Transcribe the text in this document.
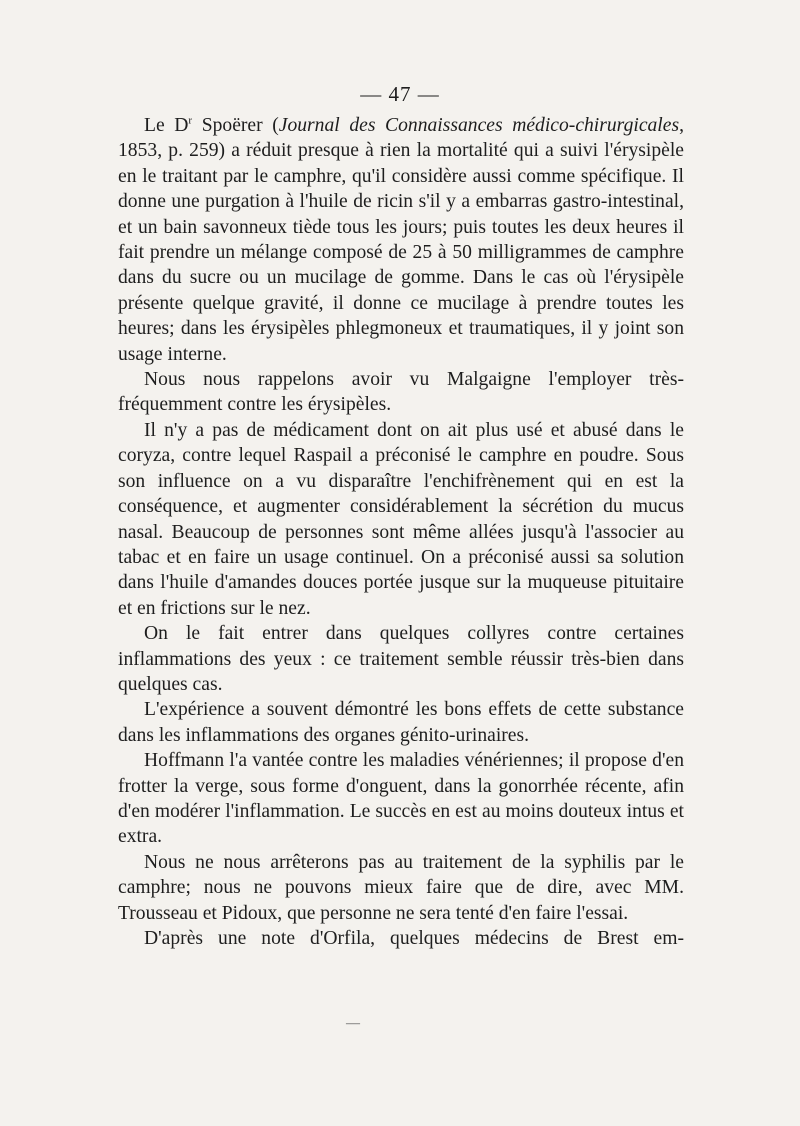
— 47 —

Le $D^r$ Spoërer (Journal des Connaissances médico-chirurgicales, 1853, p. 259) a réduit presque à rien la mortalité qui a suivi l'érysipèle en le traitant par le camphre, qu'il considère aussi comme spécifique. Il donne une purgation à l'huile de ricin s'il y a embarras gastro-intestinal, et un bain savonneux tiède tous les jours; puis toutes les deux heures il fait prendre un mélange composé de 25 à 50 milligrammes de camphre dans du sucre ou un mucilage de gomme. Dans le cas où l'érysipèle présente quelque gravité, il donne ce mucilage à prendre toutes les heures; dans les érysipèles phlegmoneux et traumatiques, il y joint son usage interne.

Nous nous rappelons avoir vu Malgaigne l'employer très-fréquemment contre les érysipèles.

Il n'y a pas de médicament dont on ait plus usé et abusé dans le coryza, contre lequel Raspail a préconisé le camphre en poudre. Sous son influence on a vu disparaître l'enchifrènement qui en est la conséquence, et augmenter considérablement la sécrétion du mucus nasal. Beaucoup de personnes sont même allées jusqu'à l'associer au tabac et en faire un usage continuel. On a préconisé aussi sa solution dans l'huile d'amandes douces portée jusque sur la muqueuse pituitaire et en frictions sur le nez.

On le fait entrer dans quelques collyres contre certaines inflammations des yeux : ce traitement semble réussir très-bien dans quelques cas.

L'expérience a souvent démontré les bons effets de cette substance dans les inflammations des organes génito-urinaires.

Hoffmann l'a vantée contre les maladies vénériennes; il propose d'en frotter la verge, sous forme d'onguent, dans la gonorrhée récente, afin d'en modérer l'inflammation. Le succès en est au moins douteux intus et extra.

Nous ne nous arrêterons pas au traitement de la syphilis par le camphre; nous ne pouvons mieux faire que de dire, avec MM. Trousseau et Pidoux, que personne ne sera tenté d'en faire l'essai.

D'après une note d'Orfila, quelques médecins de Brest em-

―
